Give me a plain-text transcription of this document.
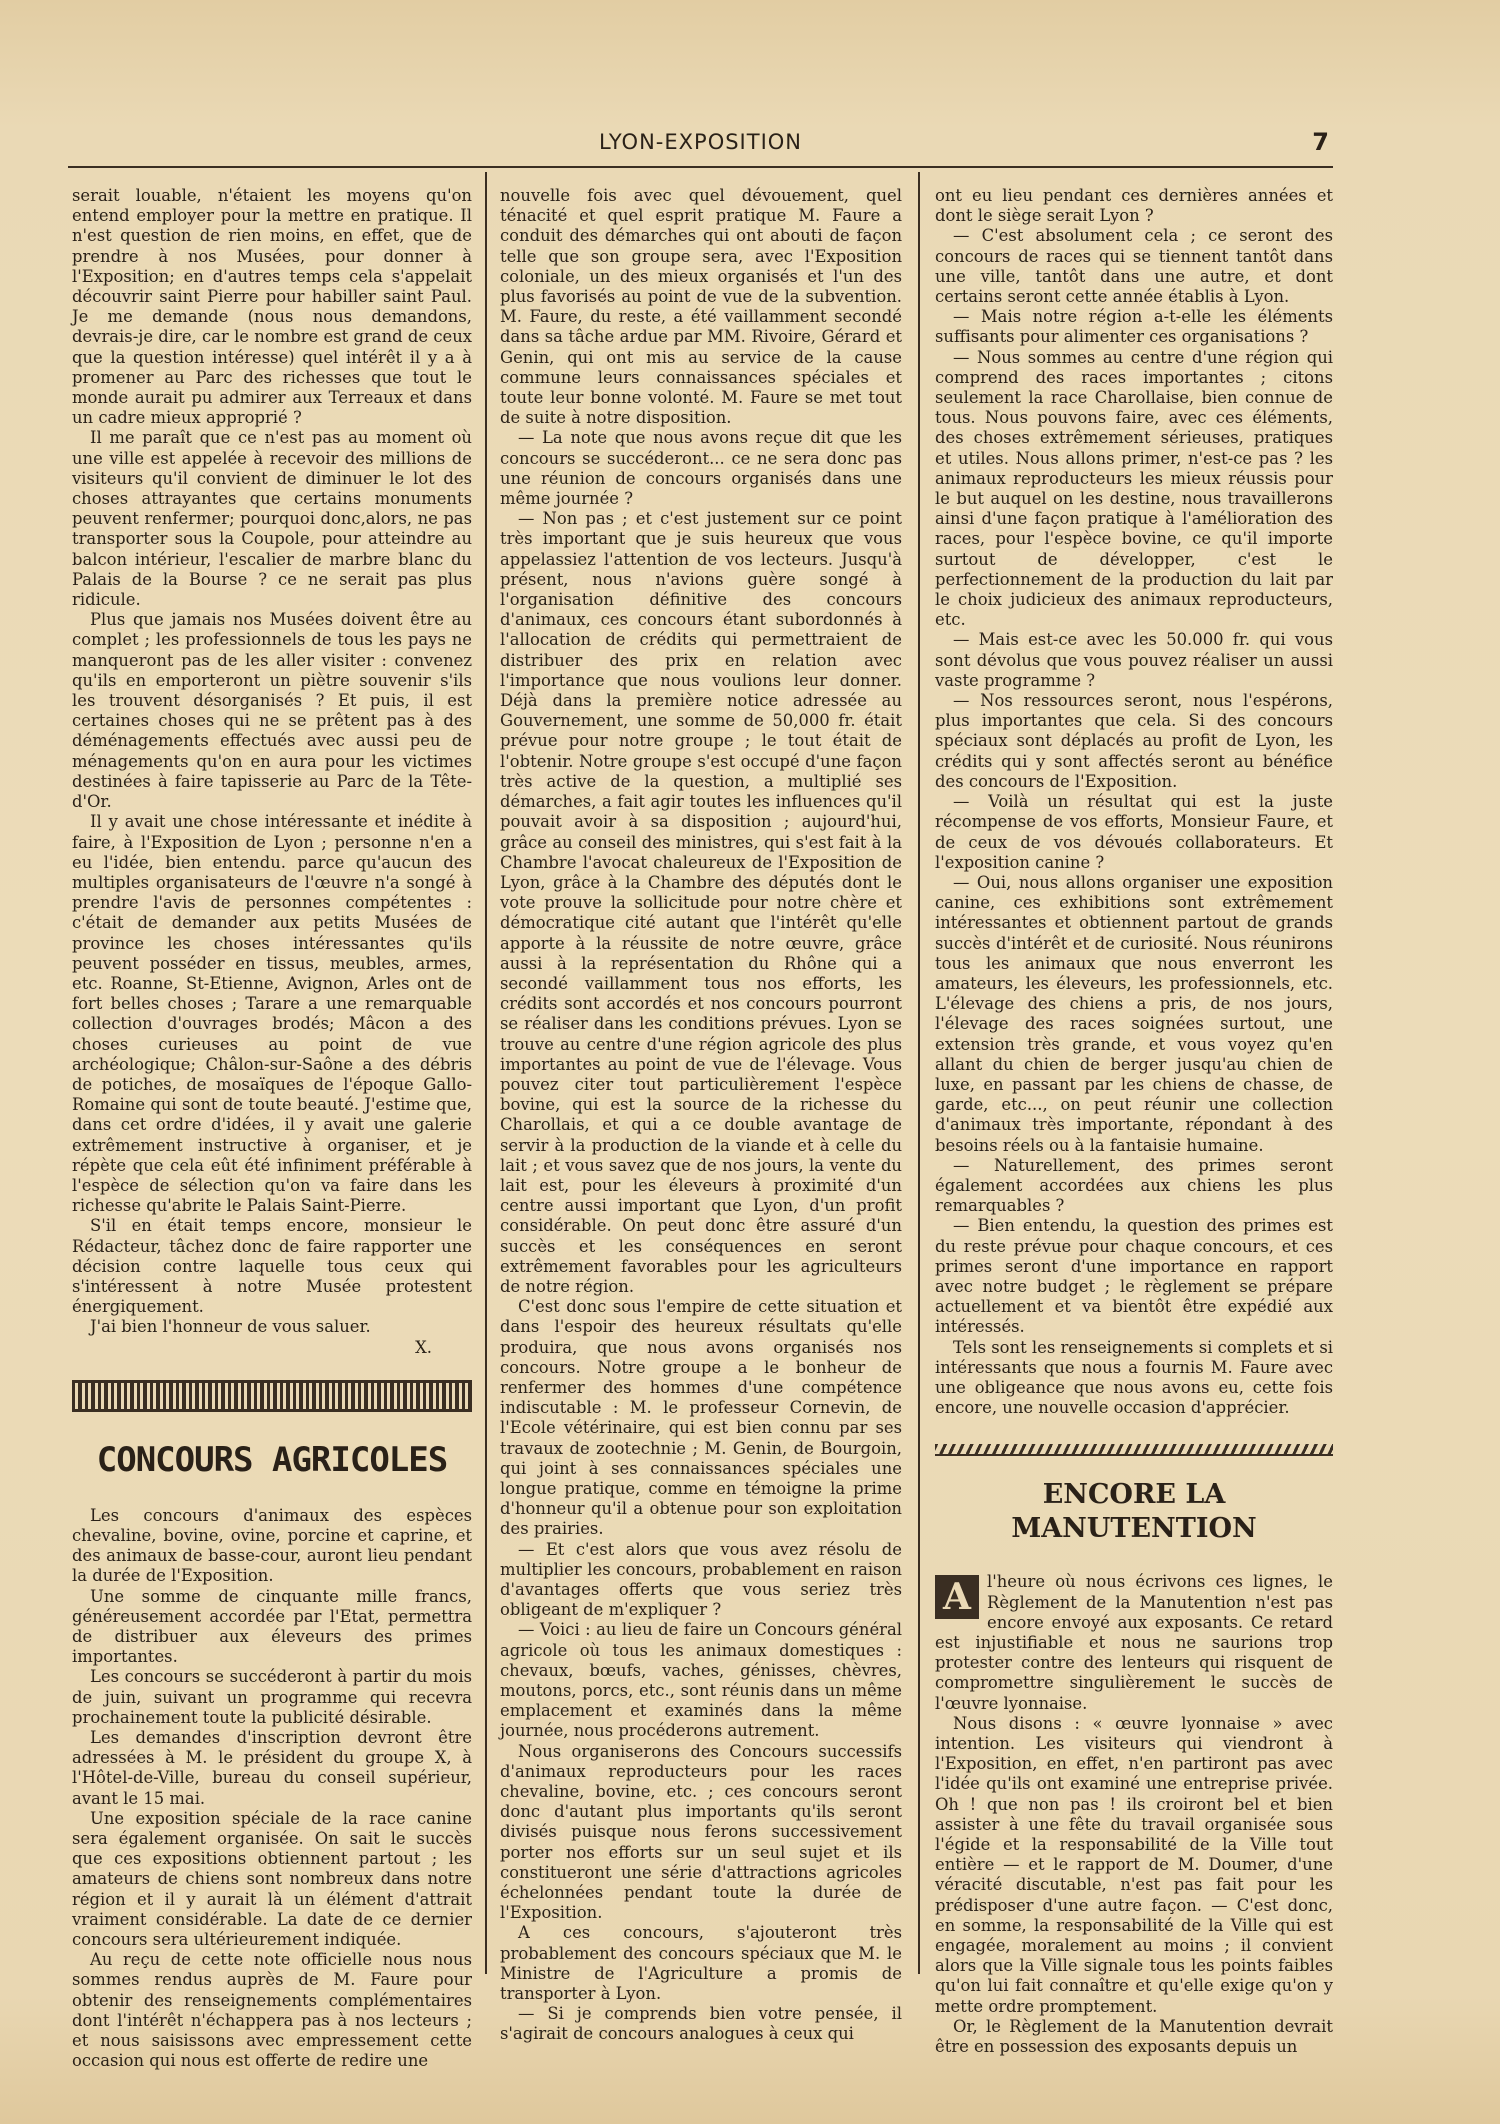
LYON-EXPOSITION	7

serait louable, n'étaient les moyens qu'on entend employer pour la mettre en pratique. Il n'est question de rien moins, en effet, que de prendre à nos Musées, pour donner à l'Exposition; en d'autres temps cela s'appelait découvrir saint Pierre pour habiller saint Paul. Je me demande (nous nous demandons, devrais-je dire, car le nombre est grand de ceux que la question intéresse) quel intérêt il y a à promener au Parc des richesses que tout le monde aurait pu admirer aux Terreaux et dans un cadre mieux approprié ?

Il me paraît que ce n'est pas au moment où une ville est appelée à recevoir des millions de visiteurs qu'il convient de diminuer le lot des choses attrayantes que certains monuments peuvent renfermer; pourquoi donc,alors, ne pas transporter sous la Coupole, pour atteindre au balcon intérieur, l'escalier de marbre blanc du Palais de la Bourse ? ce ne serait pas plus ridicule.

Plus que jamais nos Musées doivent être au complet ; les professionnels de tous les pays ne manqueront pas de les aller visiter : convenez qu'ils en emporteront un piètre souvenir s'ils les trouvent désorganisés ? Et puis, il est certaines choses qui ne se prêtent pas à des déménagements effectués avec aussi peu de ménagements qu'on en aura pour les victimes destinées à faire tapisserie au Parc de la Tête-d'Or.

Il y avait une chose intéressante et inédite à faire, à l'Exposition de Lyon ; personne n'en a eu l'idée, bien entendu. parce qu'aucun des multiples organisateurs de l'œuvre n'a songé à prendre l'avis de personnes compétentes : c'était de demander aux petits Musées de province les choses intéressantes qu'ils peuvent posséder en tissus, meubles, armes, etc. Roanne, St-Etienne, Avignon, Arles ont de fort belles choses ; Tarare a une remarquable collection d'ouvrages brodés; Mâcon a des choses curieuses au point de vue archéologique; Châlon-sur-Saône a des débris de potiches, de mosaïques de l'époque Gallo-Romaine qui sont de toute beauté. J'estime que, dans cet ordre d'idées, il y avait une galerie extrêmement instructive à organiser, et je répète que cela eût été infiniment préférable à l'espèce de sélection qu'on va faire dans les richesse qu'abrite le Palais Saint-Pierre.

S'il en était temps encore, monsieur le Rédacteur, tâchez donc de faire rapporter une décision contre laquelle tous ceux qui s'intéressent à notre Musée protestent énergiquement.

J'ai bien l'honneur de vous saluer.

X.

CONCOURS AGRICOLES

Les concours d'animaux des espèces chevaline, bovine, ovine, porcine et caprine, et des animaux de basse-cour, auront lieu pendant la durée de l'Exposition.

Une somme de cinquante mille francs, généreusement accordée par l'Etat, permettra de distribuer aux éleveurs des primes importantes.

Les concours se succéderont à partir du mois de juin, suivant un programme qui recevra prochainement toute la publicité désirable.

Les demandes d'inscription devront être adressées à M. le président du groupe X, à l'Hôtel-de-Ville, bureau du conseil supérieur, avant le 15 mai.

Une exposition spéciale de la race canine sera également organisée. On sait le succès que ces expositions obtiennent partout ; les amateurs de chiens sont nombreux dans notre région et il y aurait là un élément d'attrait vraiment considérable. La date de ce dernier concours sera ultérieurement indiquée.

Au reçu de cette note officielle nous nous sommes rendus auprès de M. Faure pour obtenir des renseignements complémentaires dont l'intérêt n'échappera pas à nos lecteurs ; et nous saisissons avec empressement cette occasion qui nous est offerte de redire une

nouvelle fois avec quel dévouement, quel ténacité et quel esprit pratique M. Faure a conduit des démarches qui ont abouti de façon telle que son groupe sera, avec l'Exposition coloniale, un des mieux organisés et l'un des plus favorisés au point de vue de la subvention. M. Faure, du reste, a été vaillamment secondé dans sa tâche ardue par MM. Rivoire, Gérard et Genin, qui ont mis au service de la cause commune leurs connaissances spéciales et toute leur bonne volonté. M. Faure se met tout de suite à notre disposition.

— La note que nous avons reçue dit que les concours se succéderont... ce ne sera donc pas une réunion de concours organisés dans une même journée ?

— Non pas ; et c'est justement sur ce point très important que je suis heureux que vous appelassiez l'attention de vos lecteurs. Jusqu'à présent, nous n'avions guère songé à l'organisation définitive des concours d'animaux, ces concours étant subordonnés à l'allocation de crédits qui permettraient de distribuer des prix en relation avec l'importance que nous voulions leur donner. Déjà dans la première notice adressée au Gouvernement, une somme de 50,000 fr. était prévue pour notre groupe ; le tout était de l'obtenir. Notre groupe s'est occupé d'une façon très active de la question, a multiplié ses démarches, a fait agir toutes les influences qu'il pouvait avoir à sa disposition ; aujourd'hui, grâce au conseil des ministres, qui s'est fait à la Chambre l'avocat chaleureux de l'Exposition de Lyon, grâce à la Chambre des députés dont le vote prouve la sollicitude pour notre chère et démocratique cité autant que l'intérêt qu'elle apporte à la réussite de notre œuvre, grâce aussi à la représentation du Rhône qui a secondé vaillamment tous nos efforts, les crédits sont accordés et nos concours pourront se réaliser dans les conditions prévues. Lyon se trouve au centre d'une région agricole des plus importantes au point de vue de l'élevage. Vous pouvez citer tout particulièrement l'espèce bovine, qui est la source de la richesse du Charollais, et qui a ce double avantage de servir à la production de la viande et à celle du lait ; et vous savez que de nos jours, la vente du lait est, pour les éleveurs à proximité d'un centre aussi important que Lyon, d'un profit considérable. On peut donc être assuré d'un succès et les conséquences en seront extrêmement favorables pour les agriculteurs de notre région.

C'est donc sous l'empire de cette situation et dans l'espoir des heureux résultats qu'elle produira, que nous avons organisés nos concours. Notre groupe a le bonheur de renfermer des hommes d'une compétence indiscutable : M. le professeur Cornevin, de l'Ecole vétérinaire, qui est bien connu par ses travaux de zootechnie ; M. Genin, de Bourgoin, qui joint à ses connaissances spéciales une longue pratique, comme en témoigne la prime d'honneur qu'il a obtenue pour son exploitation des prairies.

— Et c'est alors que vous avez résolu de multiplier les concours, probablement en raison d'avantages offerts que vous seriez très obligeant de m'expliquer ?

— Voici : au lieu de faire un Concours général agricole où tous les animaux domestiques : chevaux, bœufs, vaches, génisses, chèvres, moutons, porcs, etc., sont réunis dans un même emplacement et examinés dans la même journée, nous procéderons autrement.

Nous organiserons des Concours successifs d'animaux reproducteurs pour les races chevaline, bovine, etc. ; ces concours seront donc d'autant plus importants qu'ils seront divisés puisque nous ferons successivement porter nos efforts sur un seul sujet et ils constitueront une série d'attractions agricoles échelonnées pendant toute la durée de l'Exposition.

A ces concours, s'ajouteront très probablement des concours spéciaux que M. le Ministre de l'Agriculture a promis de transporter à Lyon.

— Si je comprends bien votre pensée, il s'agirait de concours analogues à ceux qui

ont eu lieu pendant ces dernières années et dont le siège serait Lyon ?

— C'est absolument cela ; ce seront des concours de races qui se tiennent tantôt dans une ville, tantôt dans une autre, et dont certains seront cette année établis à Lyon.

— Mais notre région a-t-elle les éléments suffisants pour alimenter ces organisations ?

— Nous sommes au centre d'une région qui comprend des races importantes ; citons seulement la race Charollaise, bien connue de tous. Nous pouvons faire, avec ces éléments, des choses extrêmement sérieuses, pratiques et utiles. Nous allons primer, n'est-ce pas ? les animaux reproducteurs les mieux réussis pour le but auquel on les destine, nous travaillerons ainsi d'une façon pratique à l'amélioration des races, pour l'espèce bovine, ce qu'il importe surtout de développer, c'est le perfectionnement de la production du lait par le choix judicieux des animaux reproducteurs, etc.

— Mais est-ce avec les 50.000 fr. qui vous sont dévolus que vous pouvez réaliser un aussi vaste programme ?

— Nos ressources seront, nous l'espérons, plus importantes que cela. Si des concours spéciaux sont déplacés au profit de Lyon, les crédits qui y sont affectés seront au bénéfice des concours de l'Exposition.

— Voilà un résultat qui est la juste récompense de vos efforts, Monsieur Faure, et de ceux de vos dévoués collaborateurs. Et l'exposition canine ?

— Oui, nous allons organiser une exposition canine, ces exhibitions sont extrêmement intéressantes et obtiennent partout de grands succès d'intérêt et de curiosité. Nous réunirons tous les animaux que nous enverront les amateurs, les éleveurs, les professionnels, etc. L'élevage des chiens a pris, de nos jours, l'élevage des races soignées surtout, une extension très grande, et vous voyez qu'en allant du chien de berger jusqu'au chien de luxe, en passant par les chiens de chasse, de garde, etc..., on peut réunir une collection d'animaux très importante, répondant à des besoins réels ou à la fantaisie humaine.

— Naturellement, des primes seront également accordées aux chiens les plus remarquables ?

— Bien entendu, la question des primes est du reste prévue pour chaque concours, et ces primes seront d'une importance en rapport avec notre budget ; le règlement se prépare actuellement et va bientôt être expédié aux intéressés.

Tels sont les renseignements si complets et si intéressants que nous a fournis M. Faure avec une obligeance que nous avons eu, cette fois encore, une nouvelle occasion d'apprécier.

ENCORE LA MANUTENTION

A l'heure où nous écrivons ces lignes, le Règlement de la Manutention n'est pas encore envoyé aux exposants. Ce retard est injustifiable et nous ne saurions trop protester contre des lenteurs qui risquent de compromettre singulièrement le succès de l'œuvre lyonnaise.

Nous disons : « œuvre lyonnaise » avec intention. Les visiteurs qui viendront à l'Exposition, en effet, n'en partiront pas avec l'idée qu'ils ont examiné une entreprise privée. Oh ! que non pas ! ils croiront bel et bien assister à une fête du travail organisée sous l'égide et la responsabilité de la Ville tout entière — et le rapport de M. Doumer, d'une véracité discutable, n'est pas fait pour les prédisposer d'une autre façon. — C'est donc, en somme, la responsabilité de la Ville qui est engagée, moralement au moins ; il convient alors que la Ville signale tous les points faibles qu'on lui fait connaître et qu'elle exige qu'on y mette ordre promptement.

Or, le Règlement de la Manutention devrait être en possession des exposants depuis un
